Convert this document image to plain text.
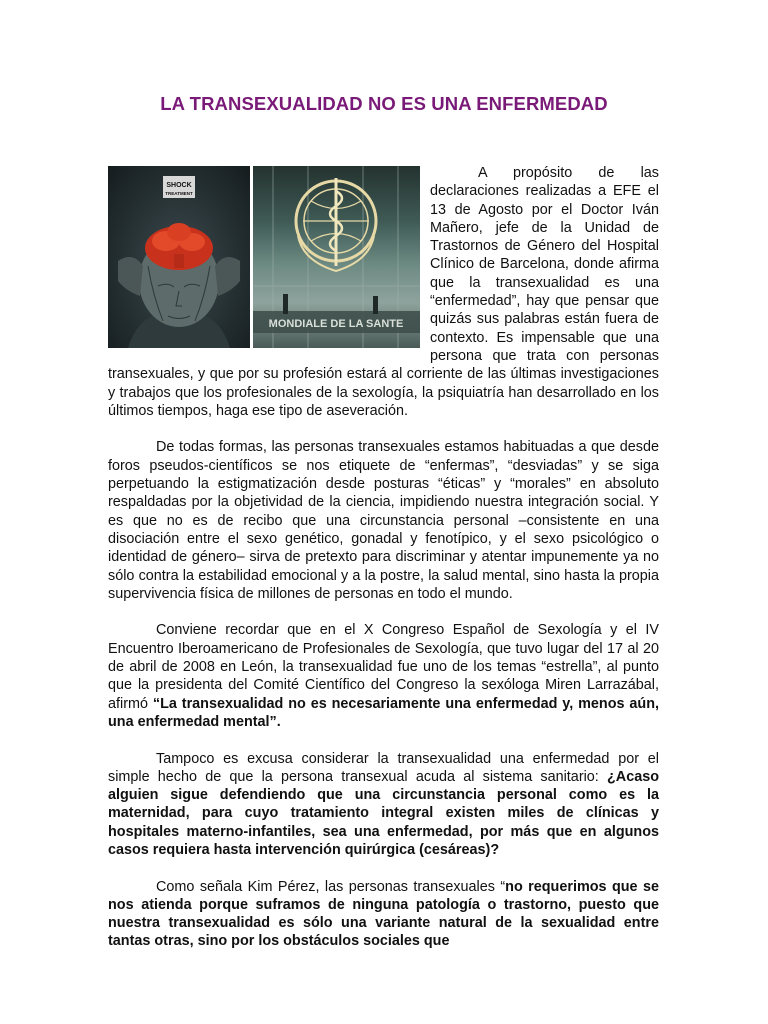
LA TRANSEXUALIDAD NO ES UNA ENFERMEDAD
SHOCK
TREATMENT
MONDIALE DE LA SANTE

A propósito de las declaraciones realizadas a EFE el 13 de Agosto por el Doctor Iván Mañero, jefe de la Unidad de Trastornos de Género del Hospital Clínico de Barcelona, donde afirma que la transexualidad es una “enfermedad”, hay que pensar que quizás sus palabras están fuera de contexto. Es impensable que una persona que trata con personas transexuales, y que por su profesión estará al corriente de las últimas investigaciones y trabajos que los profesionales de la sexología, la psiquiatría han desarrollado en los últimos tiempos, haga ese tipo de aseveración.

De todas formas, las personas transexuales estamos habituadas a que desde foros pseudos-científicos se nos etiquete de “enfermas”, “desviadas” y se siga perpetuando la estigmatización desde posturas “éticas” y “morales” en absoluto respaldadas por la objetividad de la ciencia, impidiendo nuestra integración social. Y es que no es de recibo que una circunstancia personal –consistente en una disociación entre el sexo genético, gonadal y fenotípico, y el sexo psicológico o identidad de género– sirva de pretexto para discriminar y atentar impunemente ya no sólo contra la estabilidad emocional y a la postre, la salud mental, sino hasta la propia supervivencia física de millones de personas en todo el mundo.

Conviene recordar que en el X Congreso Español de Sexología y el IV Encuentro Iberoamericano de Profesionales de Sexología, que tuvo lugar del 17 al 20 de abril de 2008 en León, la transexualidad fue uno de los temas “estrella”, al punto que la presidenta del Comité Científico del Congreso la sexóloga Miren Larrazábal, afirmó “La transexualidad no es necesariamente una enfermedad y, menos aún, una enfermedad mental”.

Tampoco es excusa considerar la transexualidad una enfermedad por el simple hecho de que la persona transexual acuda al sistema sanitario: ¿Acaso alguien sigue defendiendo que una circunstancia personal como es la maternidad, para cuyo tratamiento integral existen miles de clínicas y hospitales materno-infantiles, sea una enfermedad, por más que en algunos casos requiera hasta intervención quirúrgica (cesáreas)?

Como señala Kim Pérez, las personas transexuales “no requerimos que se nos atienda porque suframos de ninguna patología o trastorno, puesto que nuestra transexualidad es sólo una variante natural de la sexualidad entre tantas otras, sino por los obstáculos sociales que
